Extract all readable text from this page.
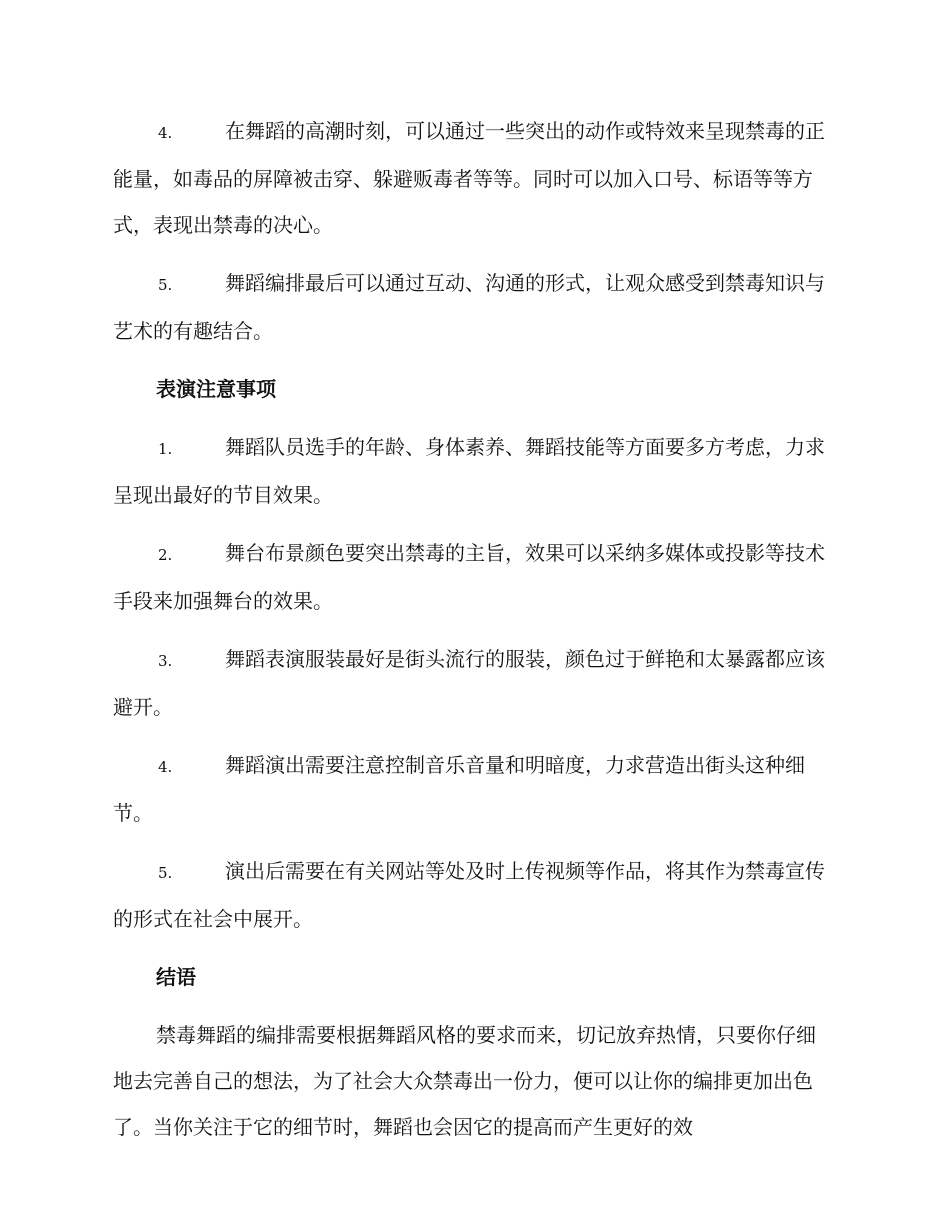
4.	在舞蹈的高潮时刻，可以通过一些突出的动作或特效来呈现禁毒的正能量，如毒品的屏障被击穿、躲避贩毒者等等。同时可以加入口号、标语等等方式，表现出禁毒的决心。

5.	舞蹈编排最后可以通过互动、沟通的形式，让观众感受到禁毒知识与艺术的有趣结合。

表演注意事项

1.	舞蹈队员选手的年龄、身体素养、舞蹈技能等方面要多方考虑，力求呈现出最好的节目效果。

2.	舞台布景颜色要突出禁毒的主旨，效果可以采纳多媒体或投影等技术手段来加强舞台的效果。

3.	舞蹈表演服装最好是街头流行的服装，颜色过于鲜艳和太暴露都应该避开。

4.	舞蹈演出需要注意控制音乐音量和明暗度，力求营造出街头这种细节。

5.	演出后需要在有关网站等处及时上传视频等作品，将其作为禁毒宣传的形式在社会中展开。

结语

禁毒舞蹈的编排需要根据舞蹈风格的要求而来，切记放弃热情，只要你仔细地去完善自己的想法，为了社会大众禁毒出一份力，便可以让你的编排更加出色了。当你关注于它的细节时，舞蹈也会因它的提高而产生更好的效
